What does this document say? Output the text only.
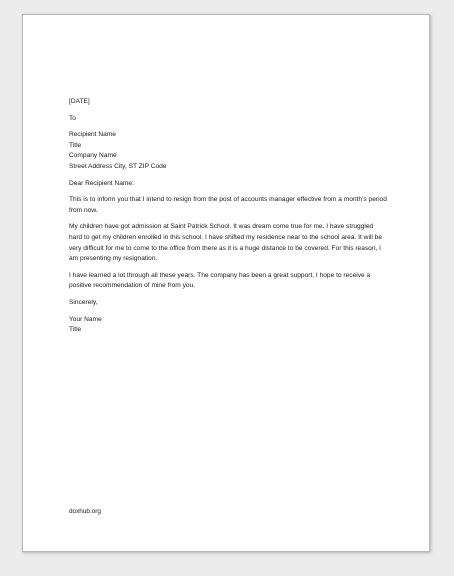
[DATE]

To

Recipient Name
Title
Company Name
Street Address City, ST ZIP Code

Dear Recipient Name:

This is to inform you that I intend to resign from the post of accounts manager effective from a month’s period from now.

My children have got admission at Saint Patrick School. It was dream come true for me. I have struggled hard to get my children enrolled in this school. I have shifted my residence near to the school area. It will be very difficult for me to come to the office from there as it is a huge distance to be covered. For this reason, I am presenting my resignation.

I have learned a lot through all these years. The company has been a great support. I hope to receive a positive recommendation of mine from you.

Sincerely,

Your Name
Title

doxhub.org
